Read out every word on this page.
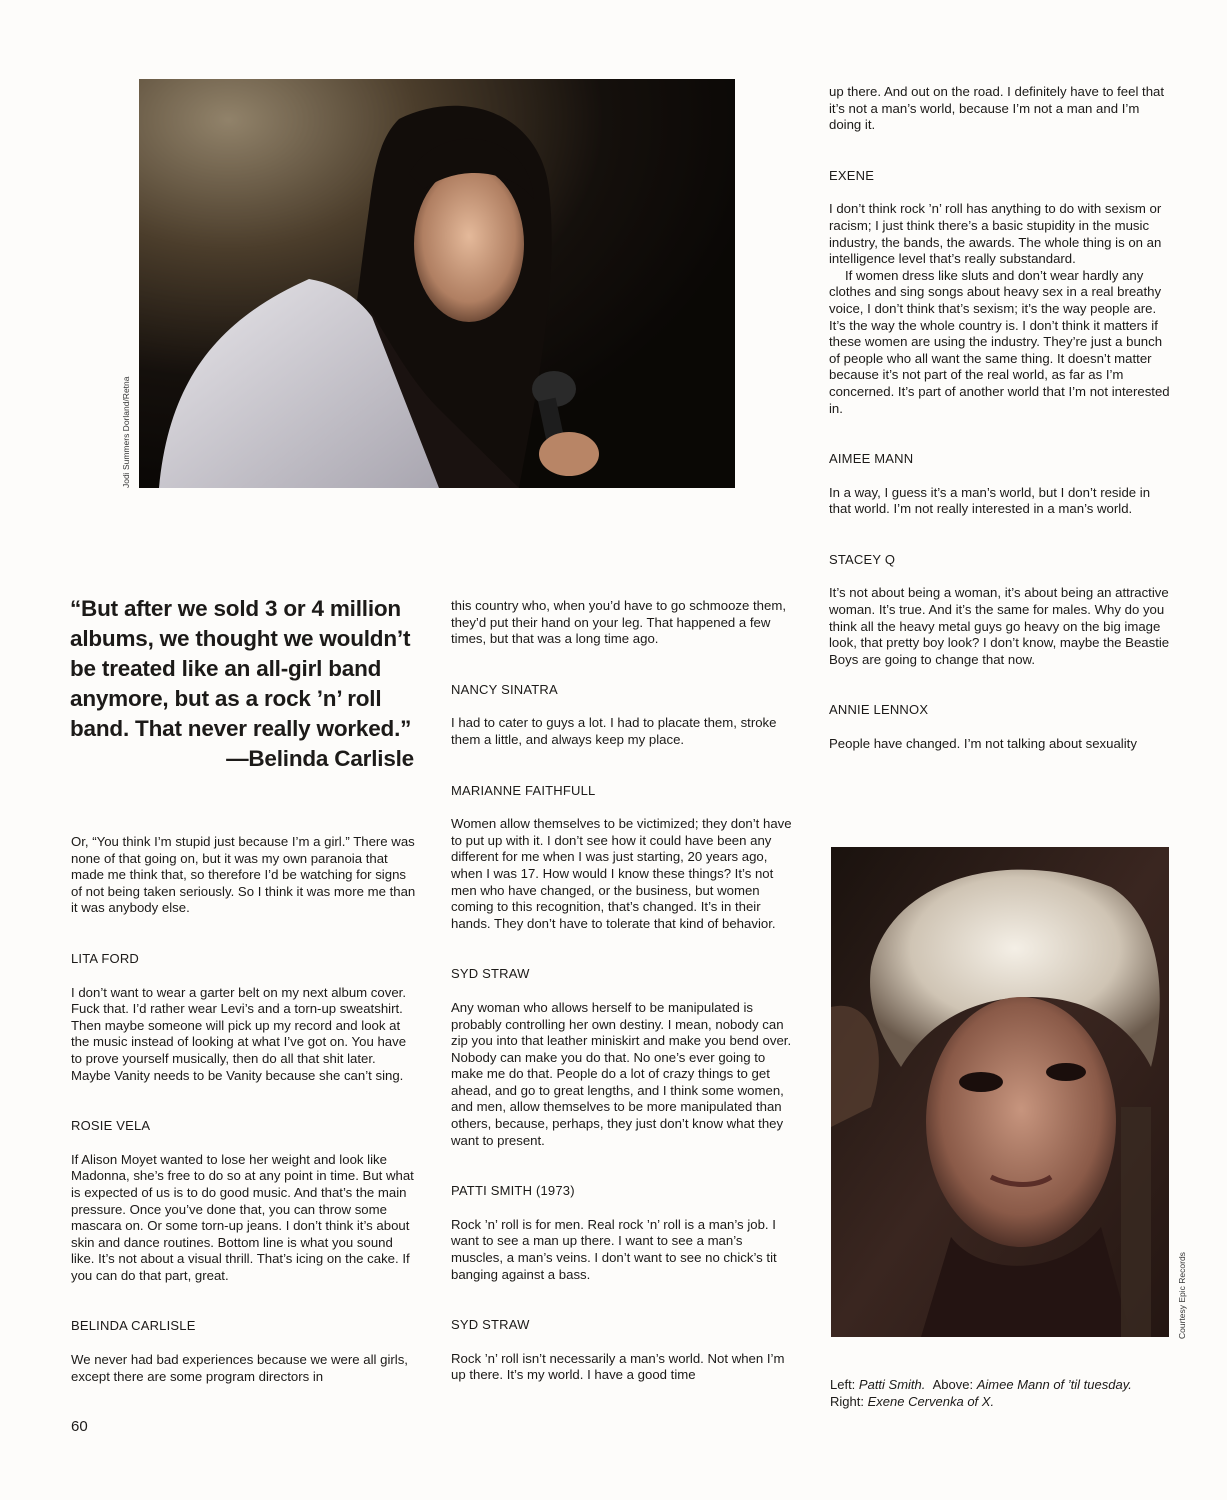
Jodi Summers Dorland/Retna
“But after we sold 3 or 4 million albums, we thought we wouldn’t be treated like an all-girl band anymore, but as a rock ’n’ roll band. That never really worked.”
—Belinda Carlisle

Or, “You think I’m stupid just because I’m a girl.” There was none of that going on, but it was my own paranoia that made me think that, so therefore I’d be watching for signs of not being taken seriously. So I think it was more me than it was anybody else.

LITA FORD

I don’t want to wear a garter belt on my next album cover. Fuck that. I’d rather wear Levi’s and a torn-up sweatshirt. Then maybe someone will pick up my record and look at the music instead of looking at what I’ve got on. You have to prove yourself musically, then do all that shit later. Maybe Vanity needs to be Vanity because she can’t sing.

ROSIE VELA

If Alison Moyet wanted to lose her weight and look like Madonna, she’s free to do so at any point in time. But what is expected of us is to do good music. And that’s the main pressure. Once you’ve done that, you can throw some mascara on. Or some torn-up jeans. I don’t think it’s about skin and dance routines. Bottom line is what you sound like. It’s not about a visual thrill. That’s icing on the cake. If you can do that part, great.

BELINDA CARLISLE

We never had bad experiences because we were all girls, except there are some program directors in

this country who, when you’d have to go schmooze them, they’d put their hand on your leg. That happened a few times, but that was a long time ago.

NANCY SINATRA

I had to cater to guys a lot. I had to placate them, stroke them a little, and always keep my place.

MARIANNE FAITHFULL

Women allow themselves to be victimized; they don’t have to put up with it. I don’t see how it could have been any different for me when I was just starting, 20 years ago, when I was 17. How would I know these things? It’s not men who have changed, or the business, but women coming to this recognition, that’s changed. It’s in their hands. They don’t have to tolerate that kind of behavior.

SYD STRAW

Any woman who allows herself to be manipulated is probably controlling her own destiny. I mean, nobody can zip you into that leather miniskirt and make you bend over. Nobody can make you do that. No one’s ever going to make me do that. People do a lot of crazy things to get ahead, and go to great lengths, and I think some women, and men, allow themselves to be more manipulated than others, because, perhaps, they just don’t know what they want to present.

PATTI SMITH (1973)

Rock ’n’ roll is for men. Real rock ’n’ roll is a man’s job. I want to see a man up there. I want to see a man’s muscles, a man’s veins. I don’t want to see no chick’s tit banging against a bass.

SYD STRAW

Rock ’n’ roll isn’t necessarily a man’s world. Not when I’m up there. It’s my world. I have a good time

up there. And out on the road. I definitely have to feel that it’s not a man’s world, because I’m not a man and I’m doing it.

EXENE

I don’t think rock ’n’ roll has anything to do with sexism or racism; I just think there’s a basic stupidity in the music industry, the bands, the awards. The whole thing is on an intelligence level that’s really substandard.

If women dress like sluts and don’t wear hardly any clothes and sing songs about heavy sex in a real breathy voice, I don’t think that’s sexism; it’s the way people are. It’s the way the whole country is. I don’t think it matters if these women are using the industry. They’re just a bunch of people who all want the same thing. It doesn’t matter because it’s not part of the real world, as far as I’m concerned. It’s part of another world that I’m not interested in.

AIMEE MANN

In a way, I guess it’s a man’s world, but I don’t reside in that world. I’m not really interested in a man’s world.

STACEY Q

It’s not about being a woman, it’s about being an attractive woman. It’s true. And it’s the same for males. Why do you think all the heavy metal guys go heavy on the big image look, that pretty boy look? I don’t know, maybe the Beastie Boys are going to change that now.

ANNIE LENNOX

People have changed. I’m not talking about sexuality

Courtesy Epic Records
Left: Patti Smith. Above: Aimee Mann of ’til tuesday.
Right: Exene Cervenka of X.
60
